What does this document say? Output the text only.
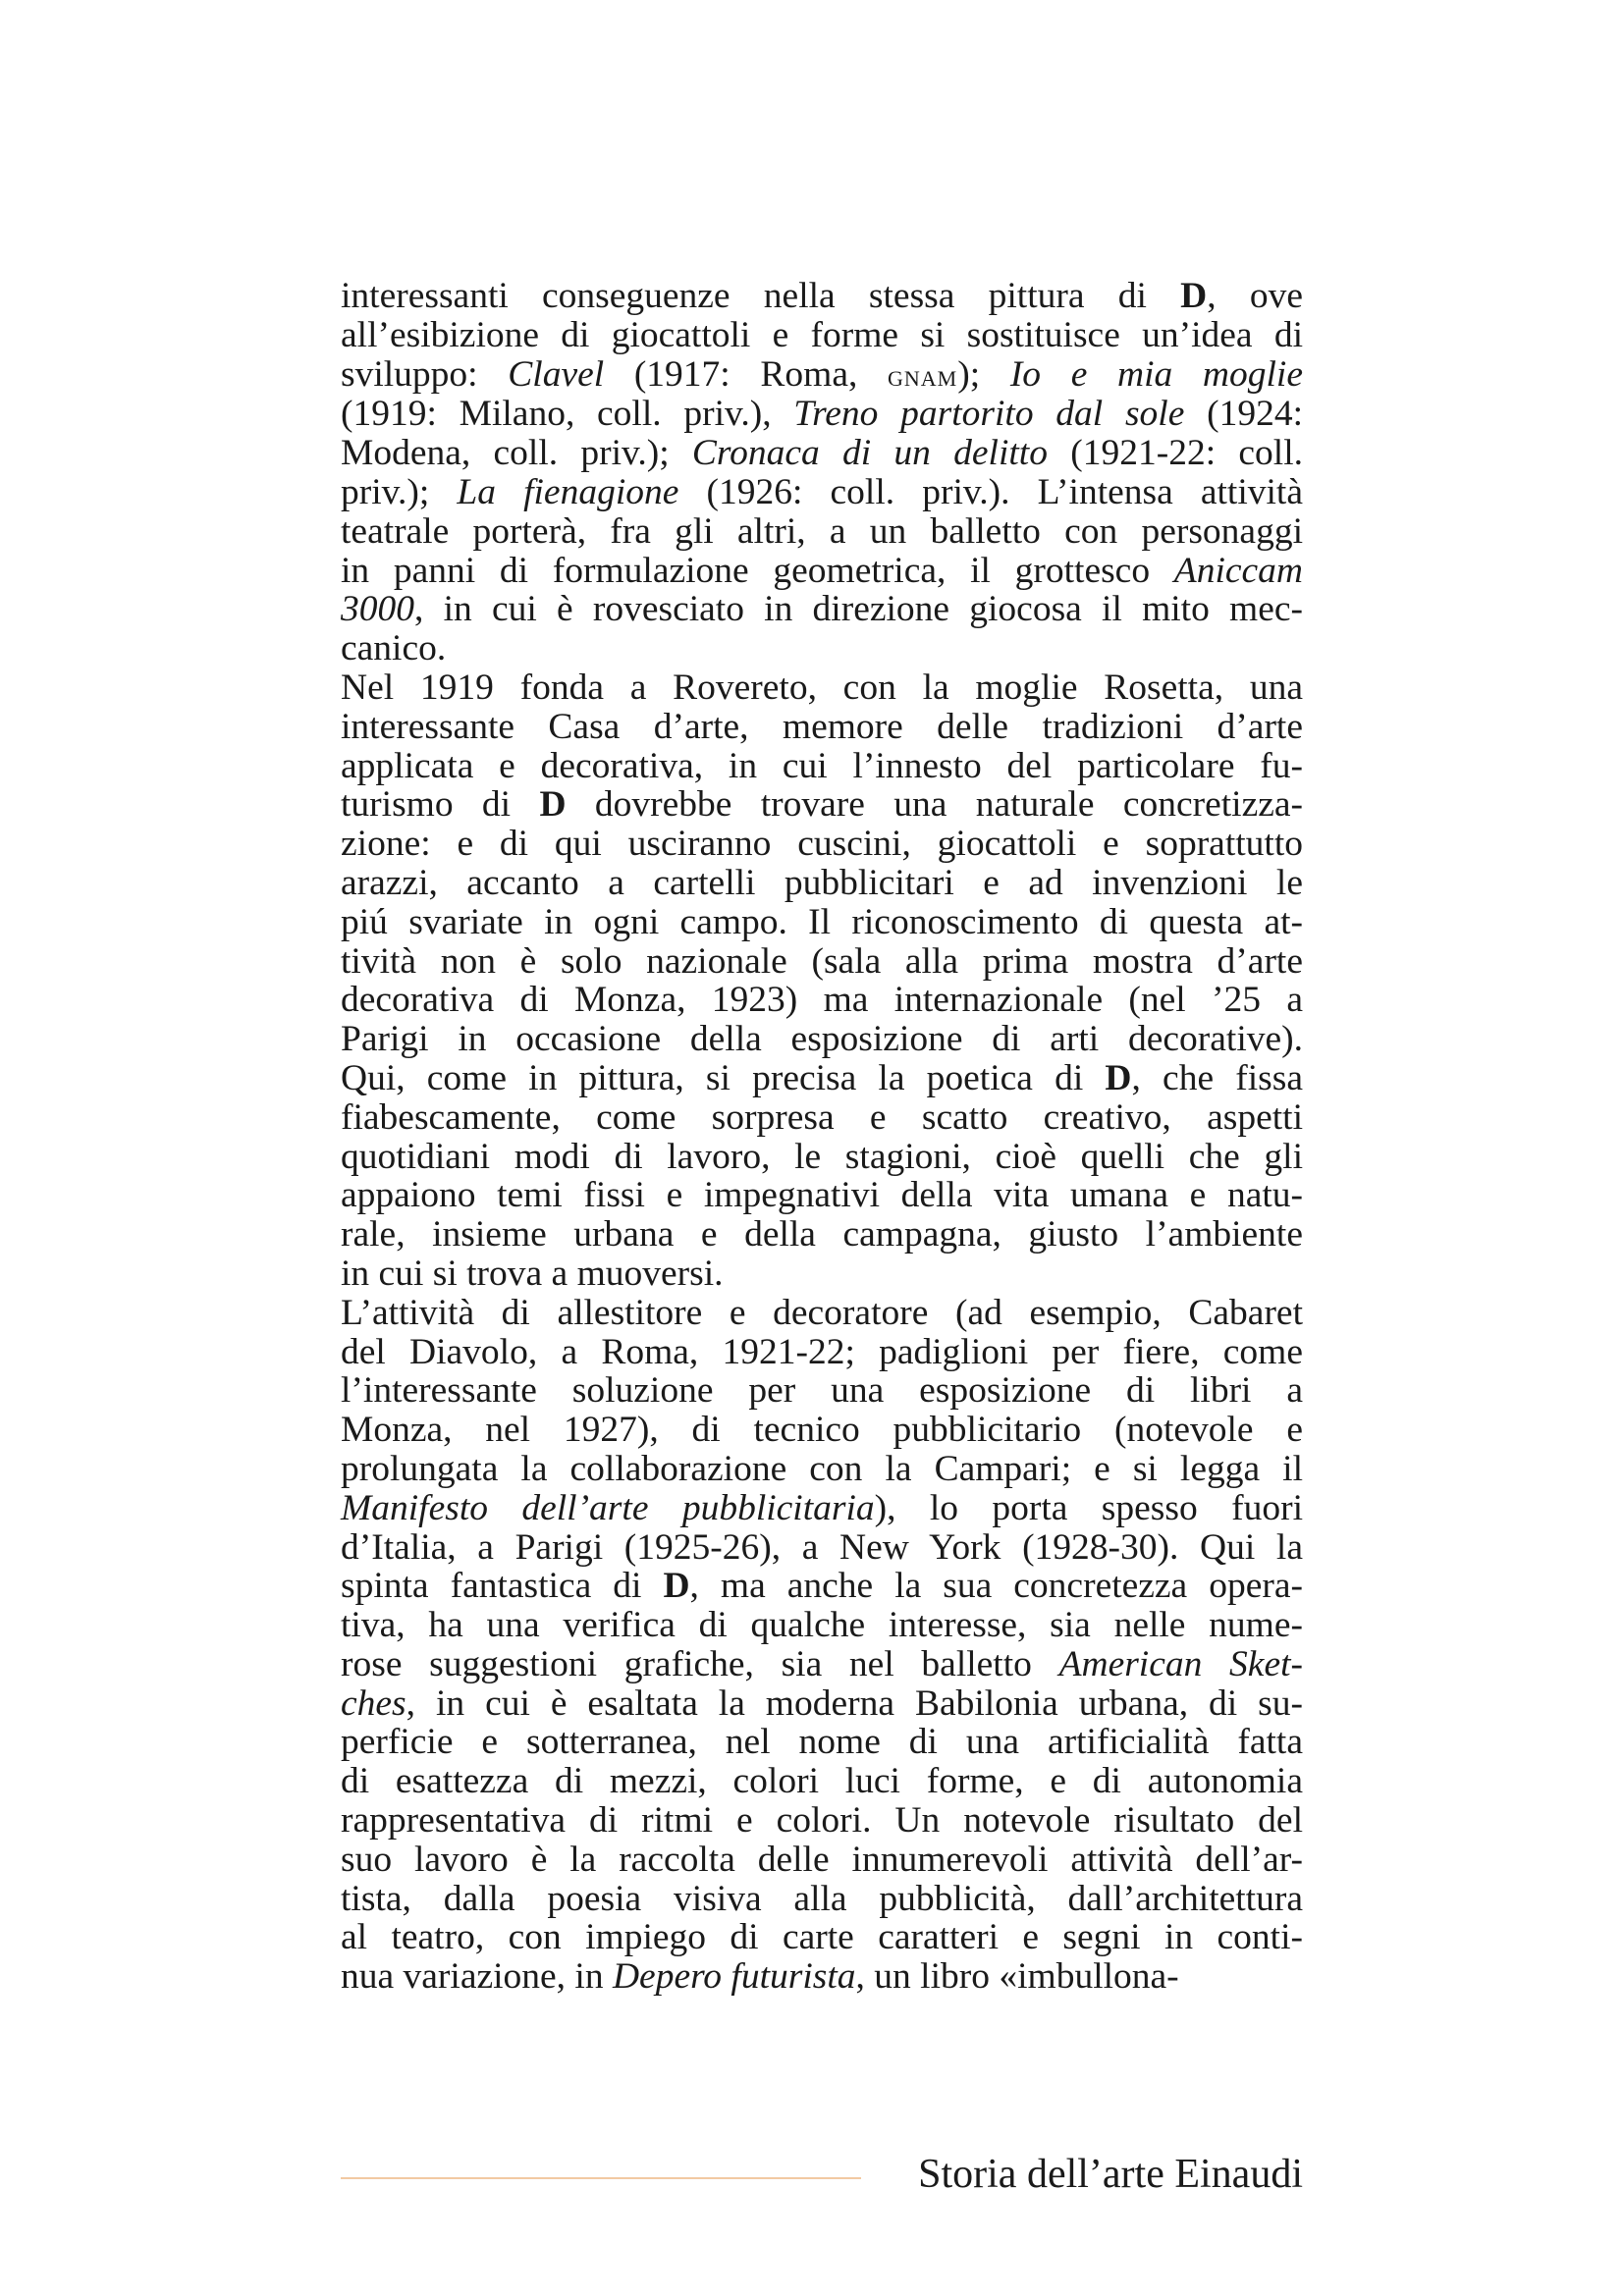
interessanti conseguenze nella stessa pittura di D, ove
all’esibizione di giocattoli e forme si sostituisce un’idea di
sviluppo: Clavel (1917: Roma, gnam); Io e mia moglie
(1919: Milano, coll. priv.), Treno partorito dal sole (1924:
Modena, coll. priv.); Cronaca di un delitto (1921-22: coll.
priv.); La fienagione (1926: coll. priv.). L’intensa attività
teatrale porterà, fra gli altri, a un balletto con personaggi
in panni di formulazione geometrica, il grottesco Aniccam
3000, in cui è rovesciato in direzione giocosa il mito mec-
canico.
Nel 1919 fonda a Rovereto, con la moglie Rosetta, una
interessante Casa d’arte, memore delle tradizioni d’arte
applicata e decorativa, in cui l’innesto del particolare fu-
turismo di D dovrebbe trovare una naturale concretizza-
zione: e di qui usciranno cuscini, giocattoli e soprattutto
arazzi, accanto a cartelli pubblicitari e ad invenzioni le
piú svariate in ogni campo. Il riconoscimento di questa at-
tività non è solo nazionale (sala alla prima mostra d’arte
decorativa di Monza, 1923) ma internazionale (nel ’25 a
Parigi in occasione della esposizione di arti decorative).
Qui, come in pittura, si precisa la poetica di D, che fissa
fiabescamente, come sorpresa e scatto creativo, aspetti
quotidiani modi di lavoro, le stagioni, cioè quelli che gli
appaiono temi fissi e impegnativi della vita umana e natu-
rale, insieme urbana e della campagna, giusto l’ambiente
in cui si trova a muoversi.
L’attività di allestitore e decoratore (ad esempio, Cabaret
del Diavolo, a Roma, 1921-22; padiglioni per fiere, come
l’interessante soluzione per una esposizione di libri a
Monza, nel 1927), di tecnico pubblicitario (notevole e
prolungata la collaborazione con la Campari; e si legga il
Manifesto dell’arte pubblicitaria), lo porta spesso fuori
d’Italia, a Parigi (1925-26), a New York (1928-30). Qui la
spinta fantastica di D, ma anche la sua concretezza opera-
tiva, ha una verifica di qualche interesse, sia nelle nume-
rose suggestioni grafiche, sia nel balletto American Sket-
ches, in cui è esaltata la moderna Babilonia urbana, di su-
perficie e sotterranea, nel nome di una artificialità fatta
di esattezza di mezzi, colori luci forme, e di autonomia
rappresentativa di ritmi e colori. Un notevole risultato del
suo lavoro è la raccolta delle innumerevoli attività dell’ar-
tista, dalla poesia visiva alla pubblicità, dall’architettura
al teatro, con impiego di carte caratteri e segni in conti-
nua variazione, in Depero futurista, un libro «imbullona-
Storia dell’arte Einaudi
